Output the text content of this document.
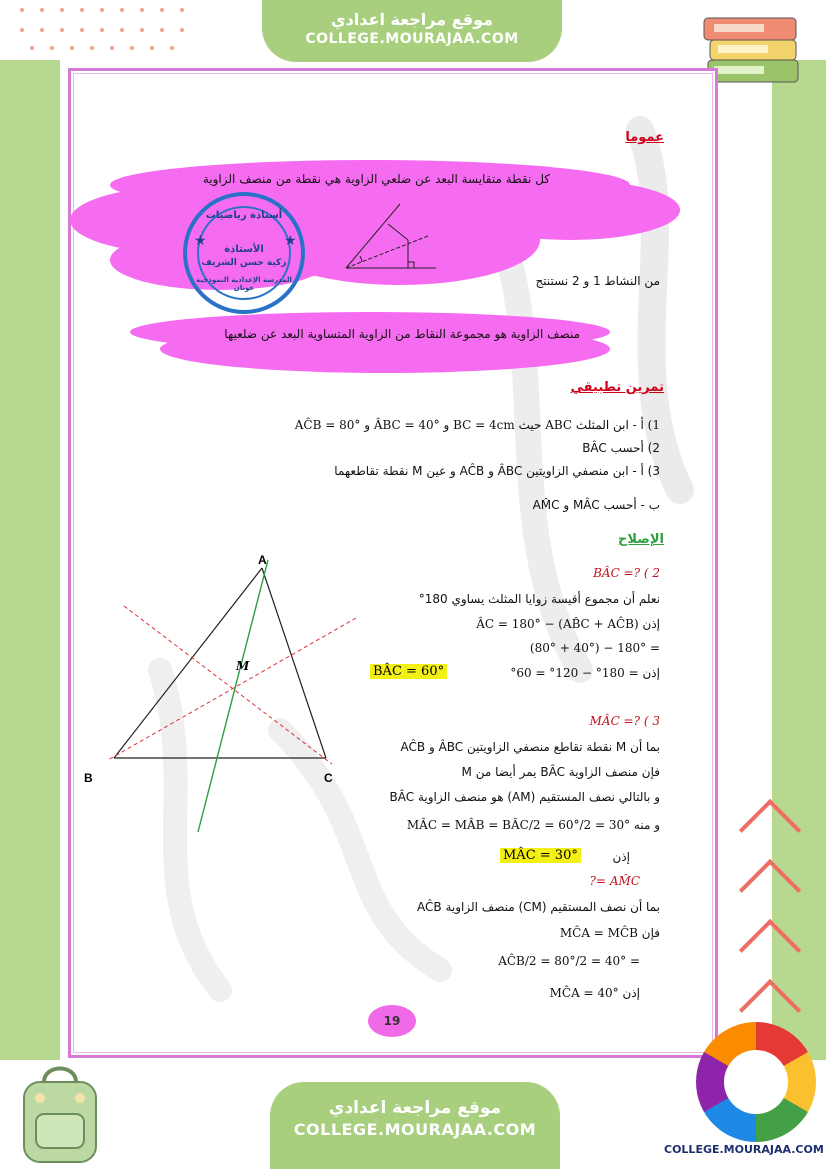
موقع مراجعة اعدادي
COLLEGE.MOURAJAA.COM
عموما
كل نقطة متقايسة البعد عن ضلعي الزاوية هي نقطة من منصف الزاوية
أستاذة رياضيات
★	★
الأستاذة
زكية حسن الشريف
المدرسة الإعدادية النموذجية عونان	من النشاط 1 و 2 نستنتج
منصف الزاوية هو مجموعة النقاط من الزاوية المتساوية البعد عن ضلعيها
تمرين تطبيقي
1) أ - ابن المثلث ABC حيث BC = 4cm و ÂBC = 40° و AĈB = 80°
2) أحسب BÂC
3) أ - ابن منصفي الزاويتين ÂBC و AĈB و عين M نقطة تقاطعهما
ب - أحسب MÂC و AM̂C
الإصلاح
A
B	C
M
BÂC =? ( 2
نعلم أن مجموع أقيسة زوايا المثلث يساوي 180°
إذن ÂC = 180° − (AB̂C + AĈB)
= 180° − (40° + 80°)
إذن = 180° − 120° = 60°
BÂC = 60°
MÂC =? ( 3
بما أن M نقطة تقاطع منصفي الزاويتين ÂBC و AĈB
فإن منصف الزاوية BÂC يمر أيضا من M
و بالتالي نصف المستقيم (AM) هو منصف الزاوية BÂC
و منه MÂC = MÂB = BÂC/2 = 60°/2 = 30°
إذن
MÂC = 30°
AM̂C =?
بما أن نصف المستقيم (CM) منصف الزاوية AĈB
فإن MĈA = MĈB
= AĈB/2 = 80°/2 = 40°
إذن MĈA = 40°
19
موقع مراجعة اعدادي
COLLEGE.MOURAJAA.COM
COLLEGE.MOURAJAA.COM
